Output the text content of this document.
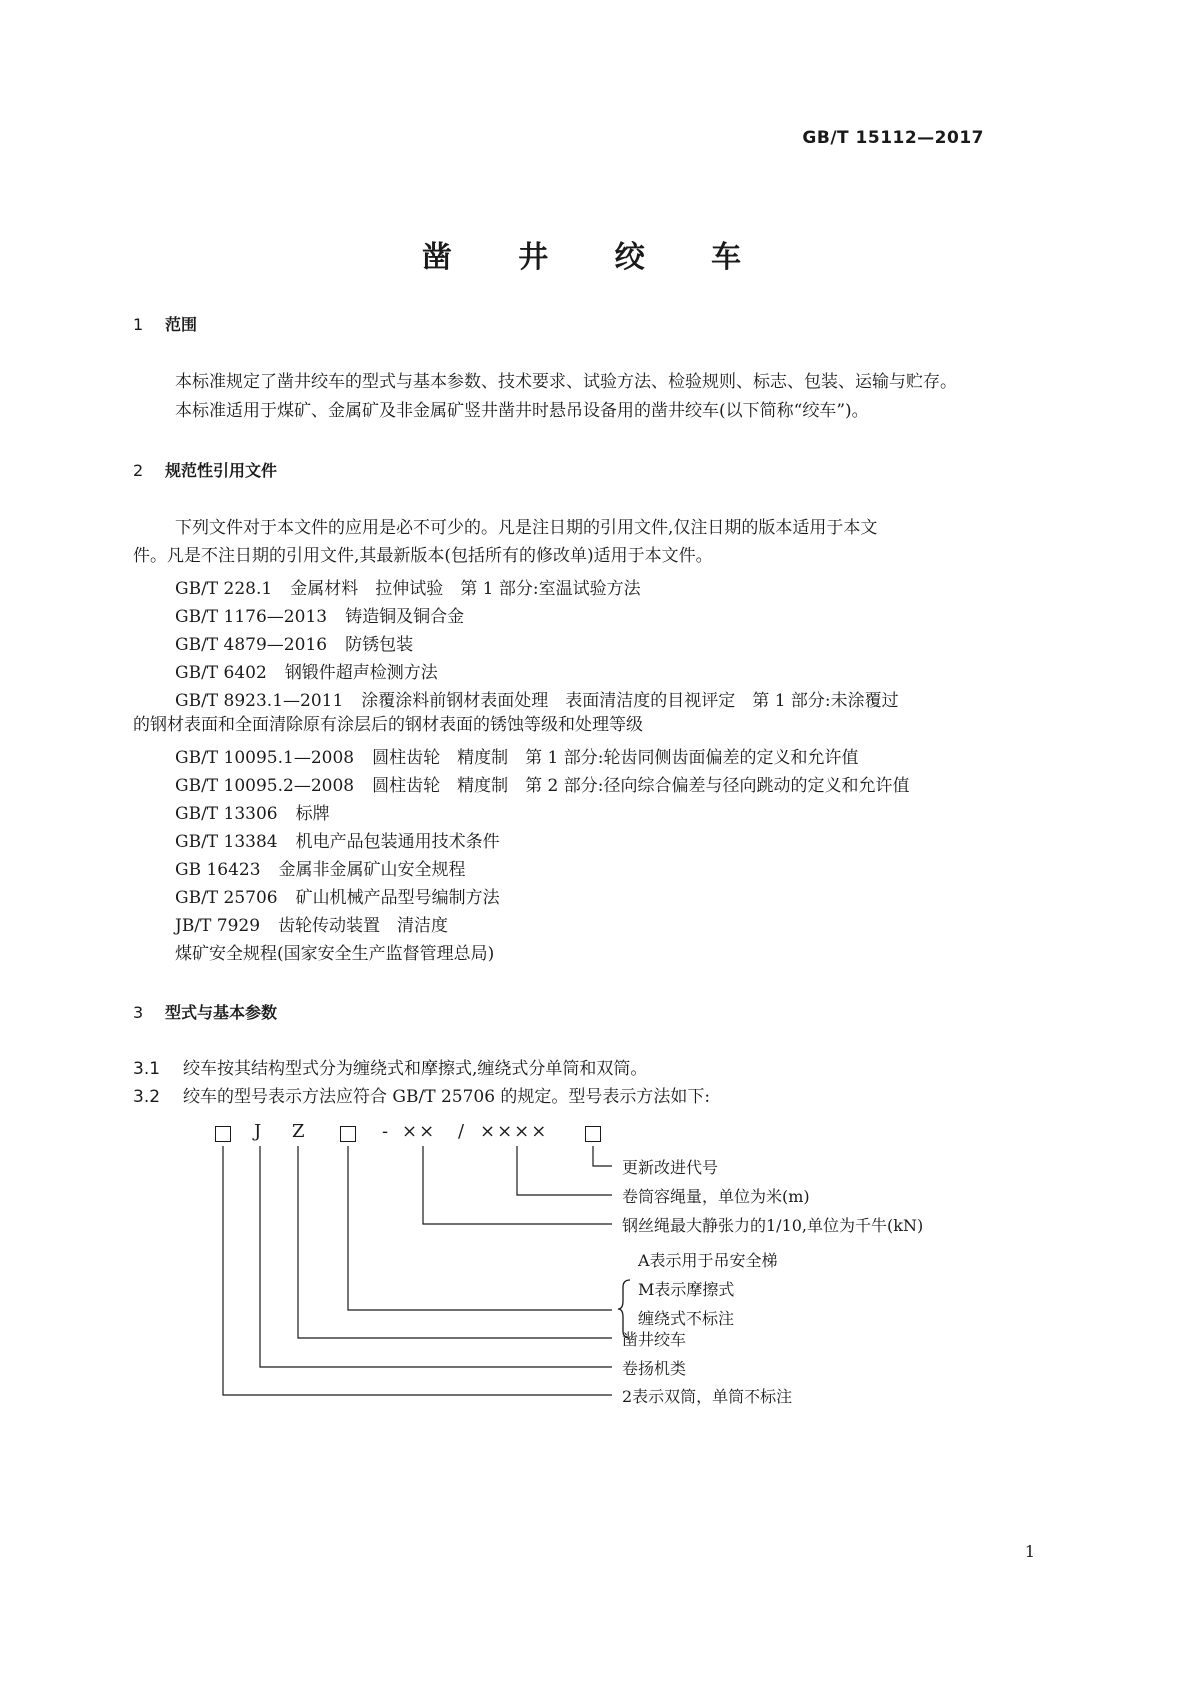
GB/T 15112—2017
凿 井 绞 车
1 范围
本标准规定了凿井绞车的型式与基本参数、技术要求、试验方法、检验规则、标志、包装、运输与贮存。
本标准适用于煤矿、金属矿及非金属矿竖井凿井时悬吊设备用的凿井绞车(以下简称“绞车”)。
2 规范性引用文件
下列文件对于本文件的应用是必不可少的。凡是注日期的引用文件,仅注日期的版本适用于本文
件。凡是不注日期的引用文件,其最新版本(包括所有的修改单)适用于本文件。
GB/T 228.1 金属材料　拉伸试验　第 1 部分:室温试验方法
GB/T 1176—2013 铸造铜及铜合金
GB/T 4879—2016 防锈包装
GB/T 6402 钢锻件超声检测方法
GB/T 8923.1—2011 涂覆涂料前钢材表面处理　表面清洁度的目视评定　第 1 部分:未涂覆过
的钢材表面和全面清除原有涂层后的钢材表面的锈蚀等级和处理等级
GB/T 10095.1—2008 圆柱齿轮　精度制　第 1 部分:轮齿同侧齿面偏差的定义和允许值
GB/T 10095.2—2008 圆柱齿轮　精度制　第 2 部分:径向综合偏差与径向跳动的定义和允许值
GB/T 13306 标牌
GB/T 13384 机电产品包装通用技术条件
GB 16423 金属非金属矿山安全规程
GB/T 25706 矿山机械产品型号编制方法
JB/T 7929 齿轮传动装置　清洁度
煤矿安全规程(国家安全生产监督管理总局)
3 型式与基本参数
3.1 绞车按其结构型式分为缠绕式和摩擦式,缠绕式分单筒和双筒。
3.2 绞车的型号表示方法应符合 GB/T 25706 的规定。型号表示方法如下:
J Z	- ×× / ××××
更新改进代号
卷筒容绳量，单位为米(m)
钢丝绳最大静张力的1/10,单位为千牛(kN)
A表示用于吊安全梯
M表示摩擦式
缠绕式不标注
凿井绞车
卷扬机类
2表示双筒，单筒不标注
1
